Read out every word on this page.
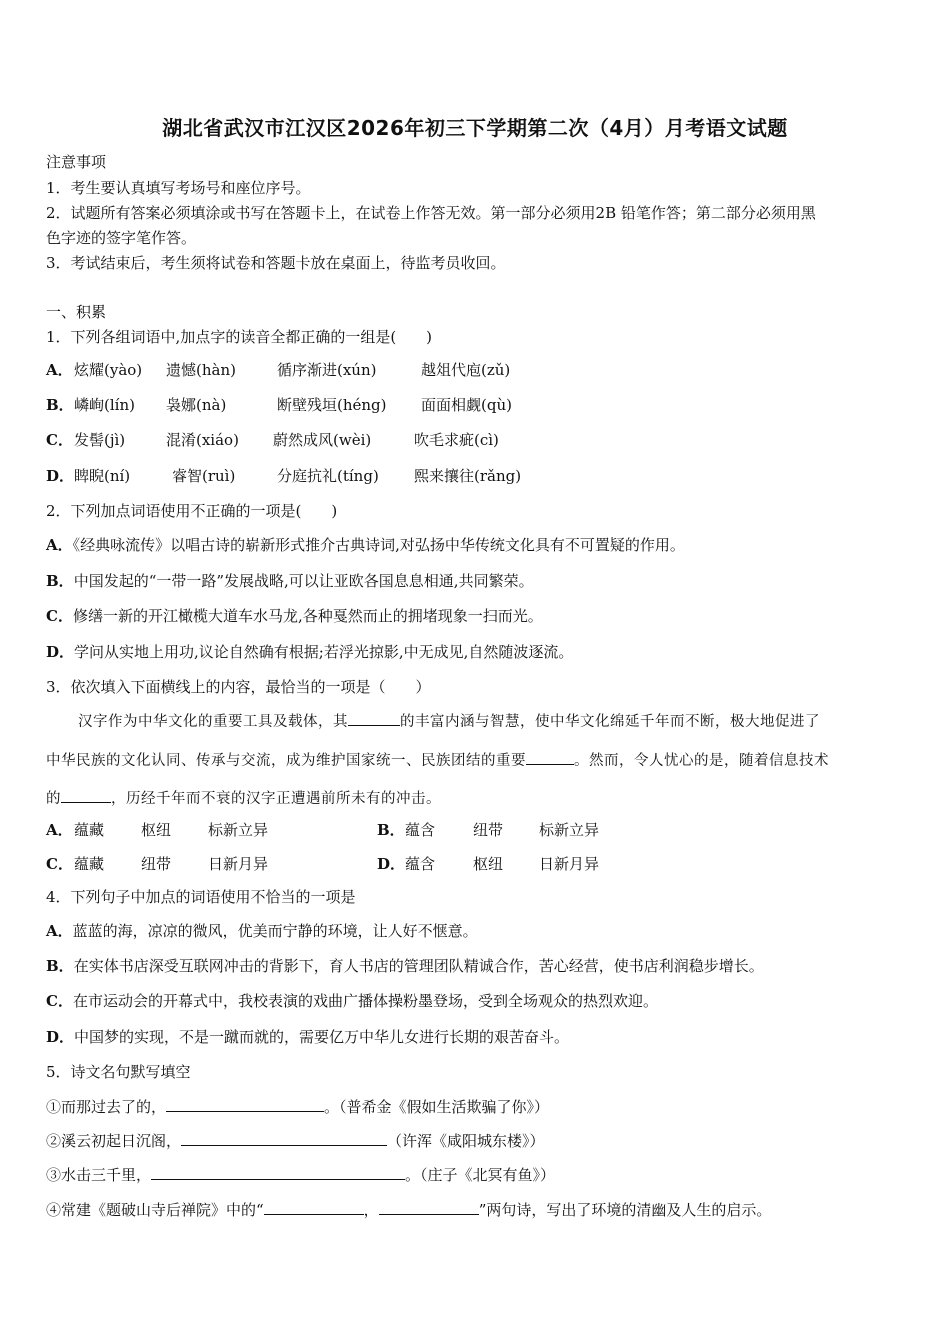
湖北省武汉市江汉区2026年初三下学期第二次（4月）月考语文试题
注意事项
1．考生要认真填写考场号和座位序号。
2．试题所有答案必须填涂或书写在答题卡上，在试卷上作答无效。第一部分必须用2B 铅笔作答；第二部分必须用黑
色字迹的签字笔作答。
3．考试结束后，考生须将试卷和答题卡放在桌面上，待监考员收回。
一、积累
1．下列各组词语中,加点字的读音全都正确的一组是(　　)
A． 炫耀(yào) 遗憾(hàn)	循序渐进(xún)	越俎代庖(zǔ)
B． 嶙峋(lín) 袅娜(nà)	断壁残垣(héng) 面面相觑(qù)
C． 发髻(jì)	混淆(xiáo) 蔚然成风(wèi)	吹毛求疵(cì)
D． 睥睨(ní)	睿智(ruì)	分庭抗礼(tíng) 熙来攘往(rǎng)
2．下列加点词语使用不正确的一项是(　　)
A．《经典咏流传》以唱古诗的崭新形式推介古典诗词,对弘扬中华传统文化具有不可置疑的作用。
B．中国发起的“一带一路”发展战略,可以让亚欧各国息息相通,共同繁荣。
C．修缮一新的开江橄榄大道车水马龙,各种戛然而止的拥堵现象一扫而光。
D．学问从实地上用功,议论自然确有根据;若浮光掠影,中无成见,自然随波逐流。
3．依次填入下面横线上的内容，最恰当的一项是（　　）
汉字作为中华文化的重要工具及载体，其	的丰富内涵与智慧，使中华文化绵延千年而不断，极大地促进了
中华民族的文化认同、传承与交流，成为维护国家统一、民族团结的重要	。然而，令人忧心的是，随着信息技术
的	，历经千年而不衰的汉字正遭遇前所未有的冲击。
A． 蕴藏 枢纽 标新立异	B． 蕴含	纽带 标新立异
C． 蕴藏 纽带 日新月异	D． 蕴含	枢纽 日新月异
4．下列句子中加点的词语使用不恰当的一项是
A．蓝蓝的海，凉凉的微风，优美而宁静的环境，让人好不惬意。
B．在实体书店深受互联网冲击的背影下，育人书店的管理团队精诚合作，苦心经营，使书店利润稳步增长。
C．在市运动会的开幕式中，我校表演的戏曲广播体操粉墨登场，受到全场观众的热烈欢迎。
D．中国梦的实现，不是一蹴而就的，需要亿万中华儿女进行长期的艰苦奋斗。
5．诗文名句默写填空
①而那过去了的，	。（普希金《假如生活欺骗了你》）
②溪云初起日沉阁，	（许浑《咸阳城东楼》）
③水击三千里，	。（庄子《北冥有鱼》）
④常建《题破山寺后禅院》中的“	，	”两句诗，写出了环境的清幽及人生的启示。
